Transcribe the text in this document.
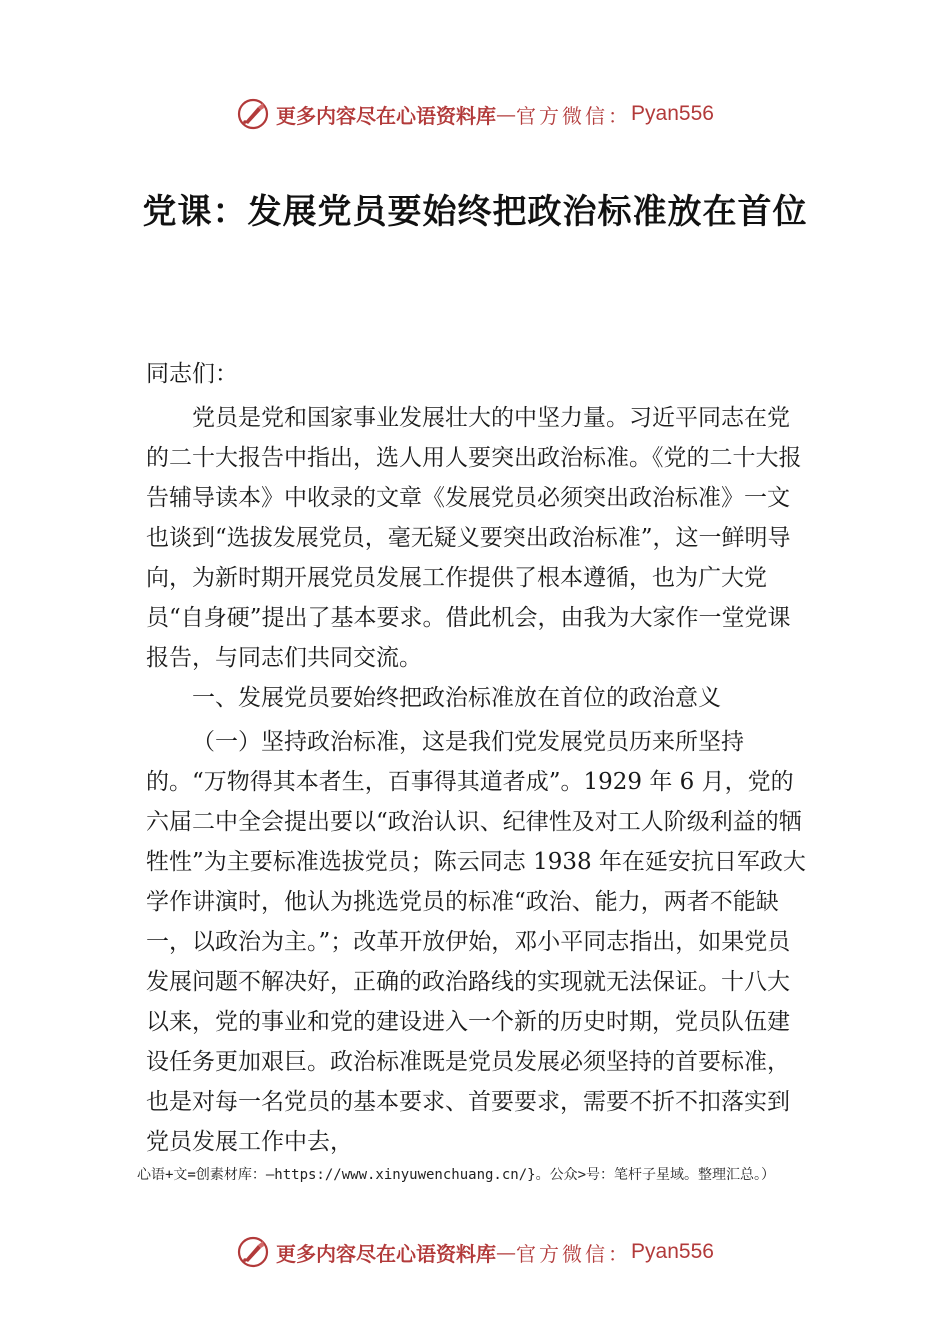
更多内容尽在心语资料库 — 官方微信： Pyan556
党课：发展党员要始终把政治标准放在首位

同志们：

党员是党和国家事业发展壮大的中坚力量。习近平同志在党的二十大报告中指出，选人用人要突出政治标准。《党的二十大报告辅导读本》中收录的文章《发展党员必须突出政治标准》一文也谈到“选拔发展党员，毫无疑义要突出政治标准”，这一鲜明导向，为新时期开展党员发展工作提供了根本遵循，也为广大党员“自身硬”提出了基本要求。借此机会，由我为大家作一堂党课报告，与同志们共同交流。

一、发展党员要始终把政治标准放在首位的政治意义

（一）坚持政治标准，这是我们党发展党员历来所坚持的。“万物得其本者生，百事得其道者成”。1929 年 6 月，党的六届二中全会提出要以“政治认识、纪律性及对工人阶级利益的牺牲性”为主要标准选拔党员；陈云同志 1938 年在延安抗日军政大学作讲演时，他认为挑选党员的标准“政治、能力，两者不能缺一，以政治为主。”；改革开放伊始，邓小平同志指出，如果党员发展问题不解决好，正确的政治路线的实现就无法保证。十八大以来，党的事业和党的建设进入一个新的历史时期，党员队伍建设任务更加艰巨。政治标准既是党员发展必须坚持的首要标准，也是对每一名党员的基本要求、首要要求，需要不折不扣落实到党员发展工作中去，

心语+文=创素材库：—https://www.xinyuwenchuang.cn/}。公众>号：笔杆子星域。整理汇总。）
更多内容尽在心语资料库 — 官方微信： Pyan556
